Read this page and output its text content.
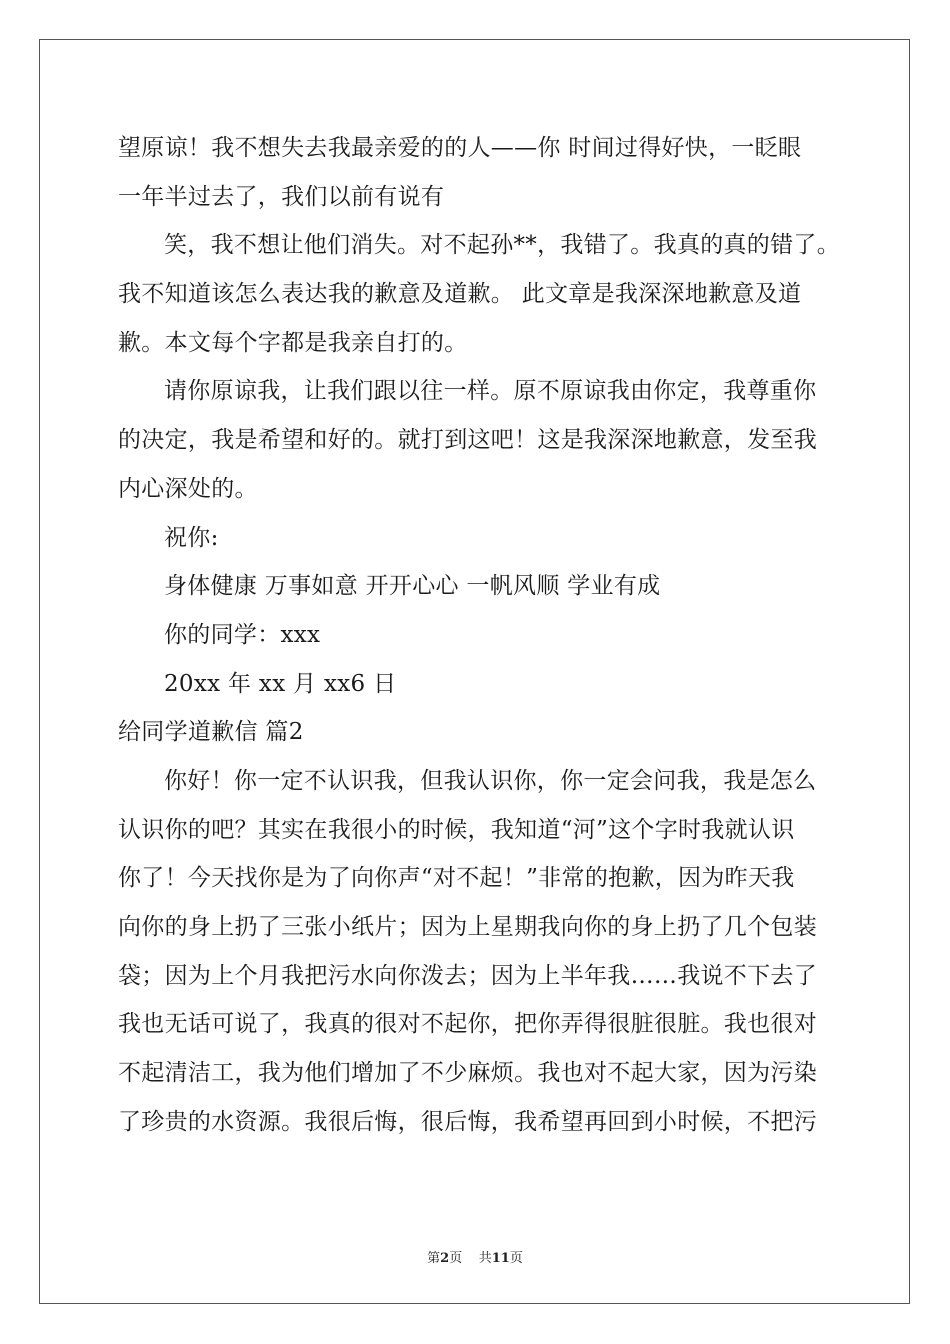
望原谅！我不想失去我最亲爱的的人——你 时间过得好快，一眨眼
一年半过去了，我们以前有说有
笑，我不想让他们消失。对不起孙**，我错了。我真的真的错了。
我不知道该怎么表达我的歉意及道歉。 此文章是我深深地歉意及道
歉。本文每个字都是我亲自打的。
请你原谅我，让我们跟以往一样。原不原谅我由你定，我尊重你
的决定，我是希望和好的。就打到这吧！这是我深深地歉意，发至我
内心深处的。
祝你:
身体健康 万事如意 开开心心 一帆风顺 学业有成
你的同学：xxx
20xx 年 xx 月 xx6 日
给同学道歉信 篇2
你好！你一定不认识我，但我认识你，你一定会问我，我是怎么
认识你的吧？其实在我很小的时候，我知道“河”这个字时我就认识
你了！今天找你是为了向你声“对不起！”非常的抱歉，因为昨天我
向你的身上扔了三张小纸片；因为上星期我向你的身上扔了几个包装
袋；因为上个月我把污水向你泼去；因为上半年我……我说不下去了
我也无话可说了，我真的很对不起你，把你弄得很脏很脏。我也很对
不起清洁工，我为他们增加了不少麻烦。我也对不起大家，因为污染
了珍贵的水资源。我很后悔，很后悔，我希望再回到小时候，不把污
第2页    共11页
